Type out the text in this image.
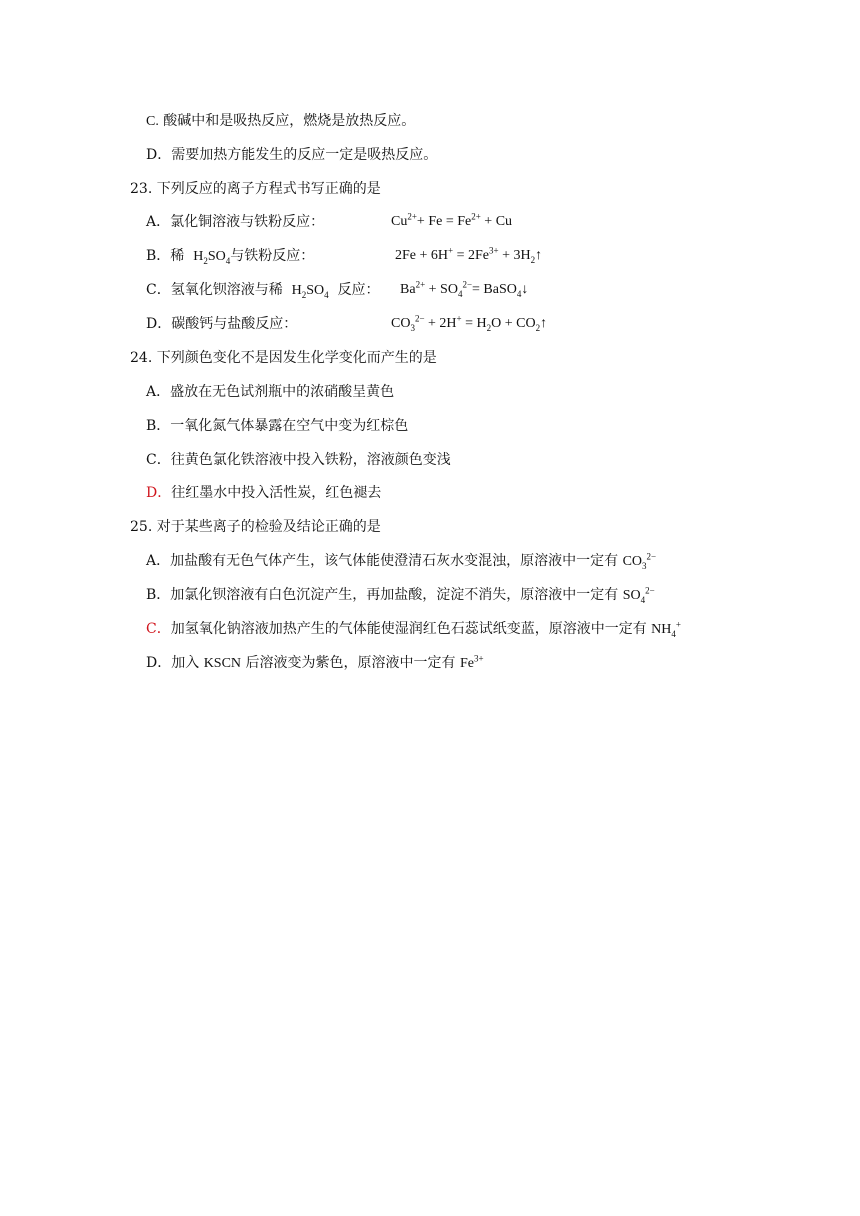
C. 酸碱中和是吸热反应，燃烧是放热反应。
D．需要加热方能发生的反应一定是吸热反应。
23. 下列反应的离子方程式书写正确的是
A．氯化铜溶液与铁粉反应：	$Cu^{2+}+ Fe = Fe^{2+} + Cu$
B．稀 $H_2SO_4$与铁粉反应：	$2Fe + 6H^+ = 2Fe^{3+}$ + $3H_2↑$
C．氢氧化钡溶液与稀 $H_2SO_4$ 反应： $Ba^{2+} + SO_4^{2-}=$ BaSO$_4$↓
D．碳酸钙与盐酸反应：	$CO_3^{2-} + 2H^+ = H_2O$ + $CO_2↑$
24. 下列颜色变化不是因发生化学变化而产生的是
A．盛放在无色试剂瓶中的浓硝酸呈黄色
B．一氧化氮气体暴露在空气中变为红棕色
C．往黄色氯化铁溶液中投入铁粉，溶液颜色变浅
D．往红墨水中投入活性炭，红色褪去
25. 对于某些离子的检验及结论正确的是
A．加盐酸有无色气体产生，该气体能使澄清石灰水变混浊，原溶液中一定有 $CO_3^{2-}$
B．加氯化钡溶液有白色沉淀产生，再加盐酸，淀淀不消失，原溶液中一定有 $SO_4^{2-}$
C．加氢氧化钠溶液加热产生的气体能使湿润红色石蕊试纸变蓝，原溶液中一定有 $NH_4^+$
D．加入 KSCN 后溶液变为紫色，原溶液中一定有 $Fe^{3+}$
